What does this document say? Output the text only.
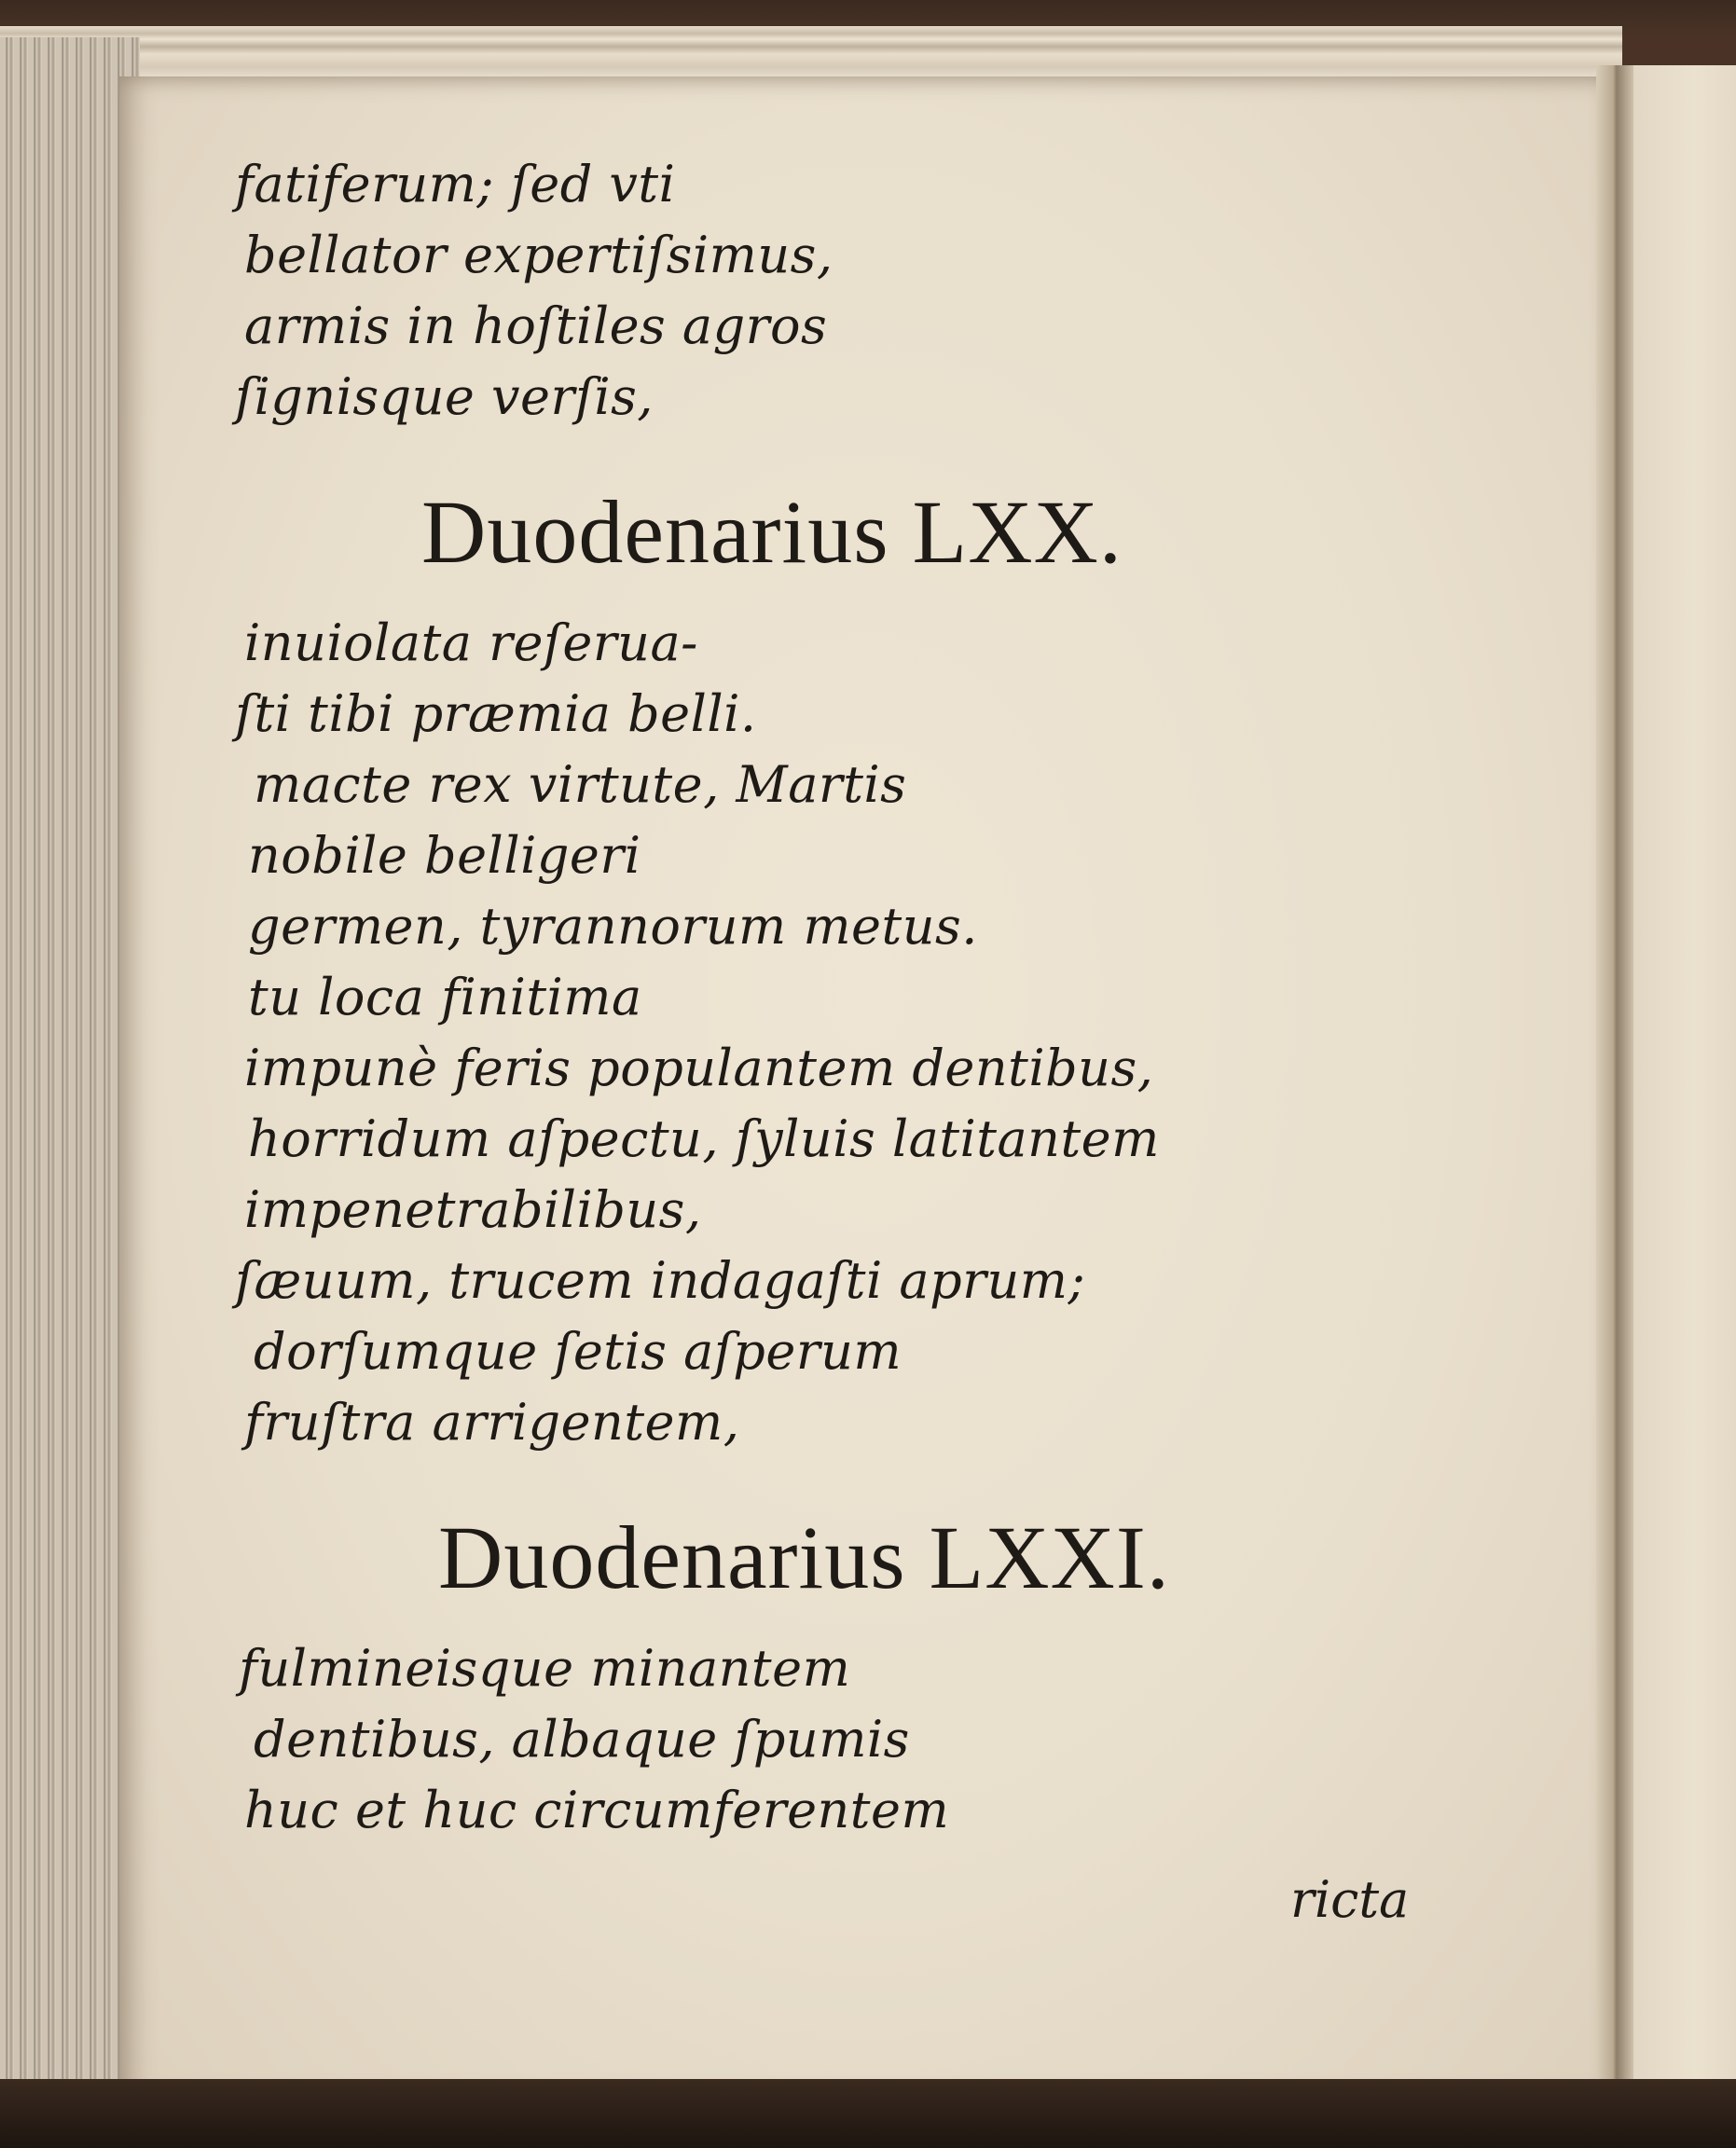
fatiferum; ſed vti
bellator expertiſsimus,
armis in hoſtiles agros
ſignisque verſis,
Duodenarius LXX.
inuiolata reſerua-
ſti tibi præmia belli.
macte rex virtute, Martis
nobile belligeri
germen, tyrannorum metus.
tu loca finitima
impunè feris populantem dentibus,
horridum aſpectu, ſyluis latitantem
impenetrabilibus,
ſæuum, trucem indagaſti aprum;
dorſumque ſetis aſperum
fruſtra arrigentem,
Duodenarius LXXI.
fulmineisque minantem
dentibus, albaque ſpumis
huc et huc circumferentem
ricta
